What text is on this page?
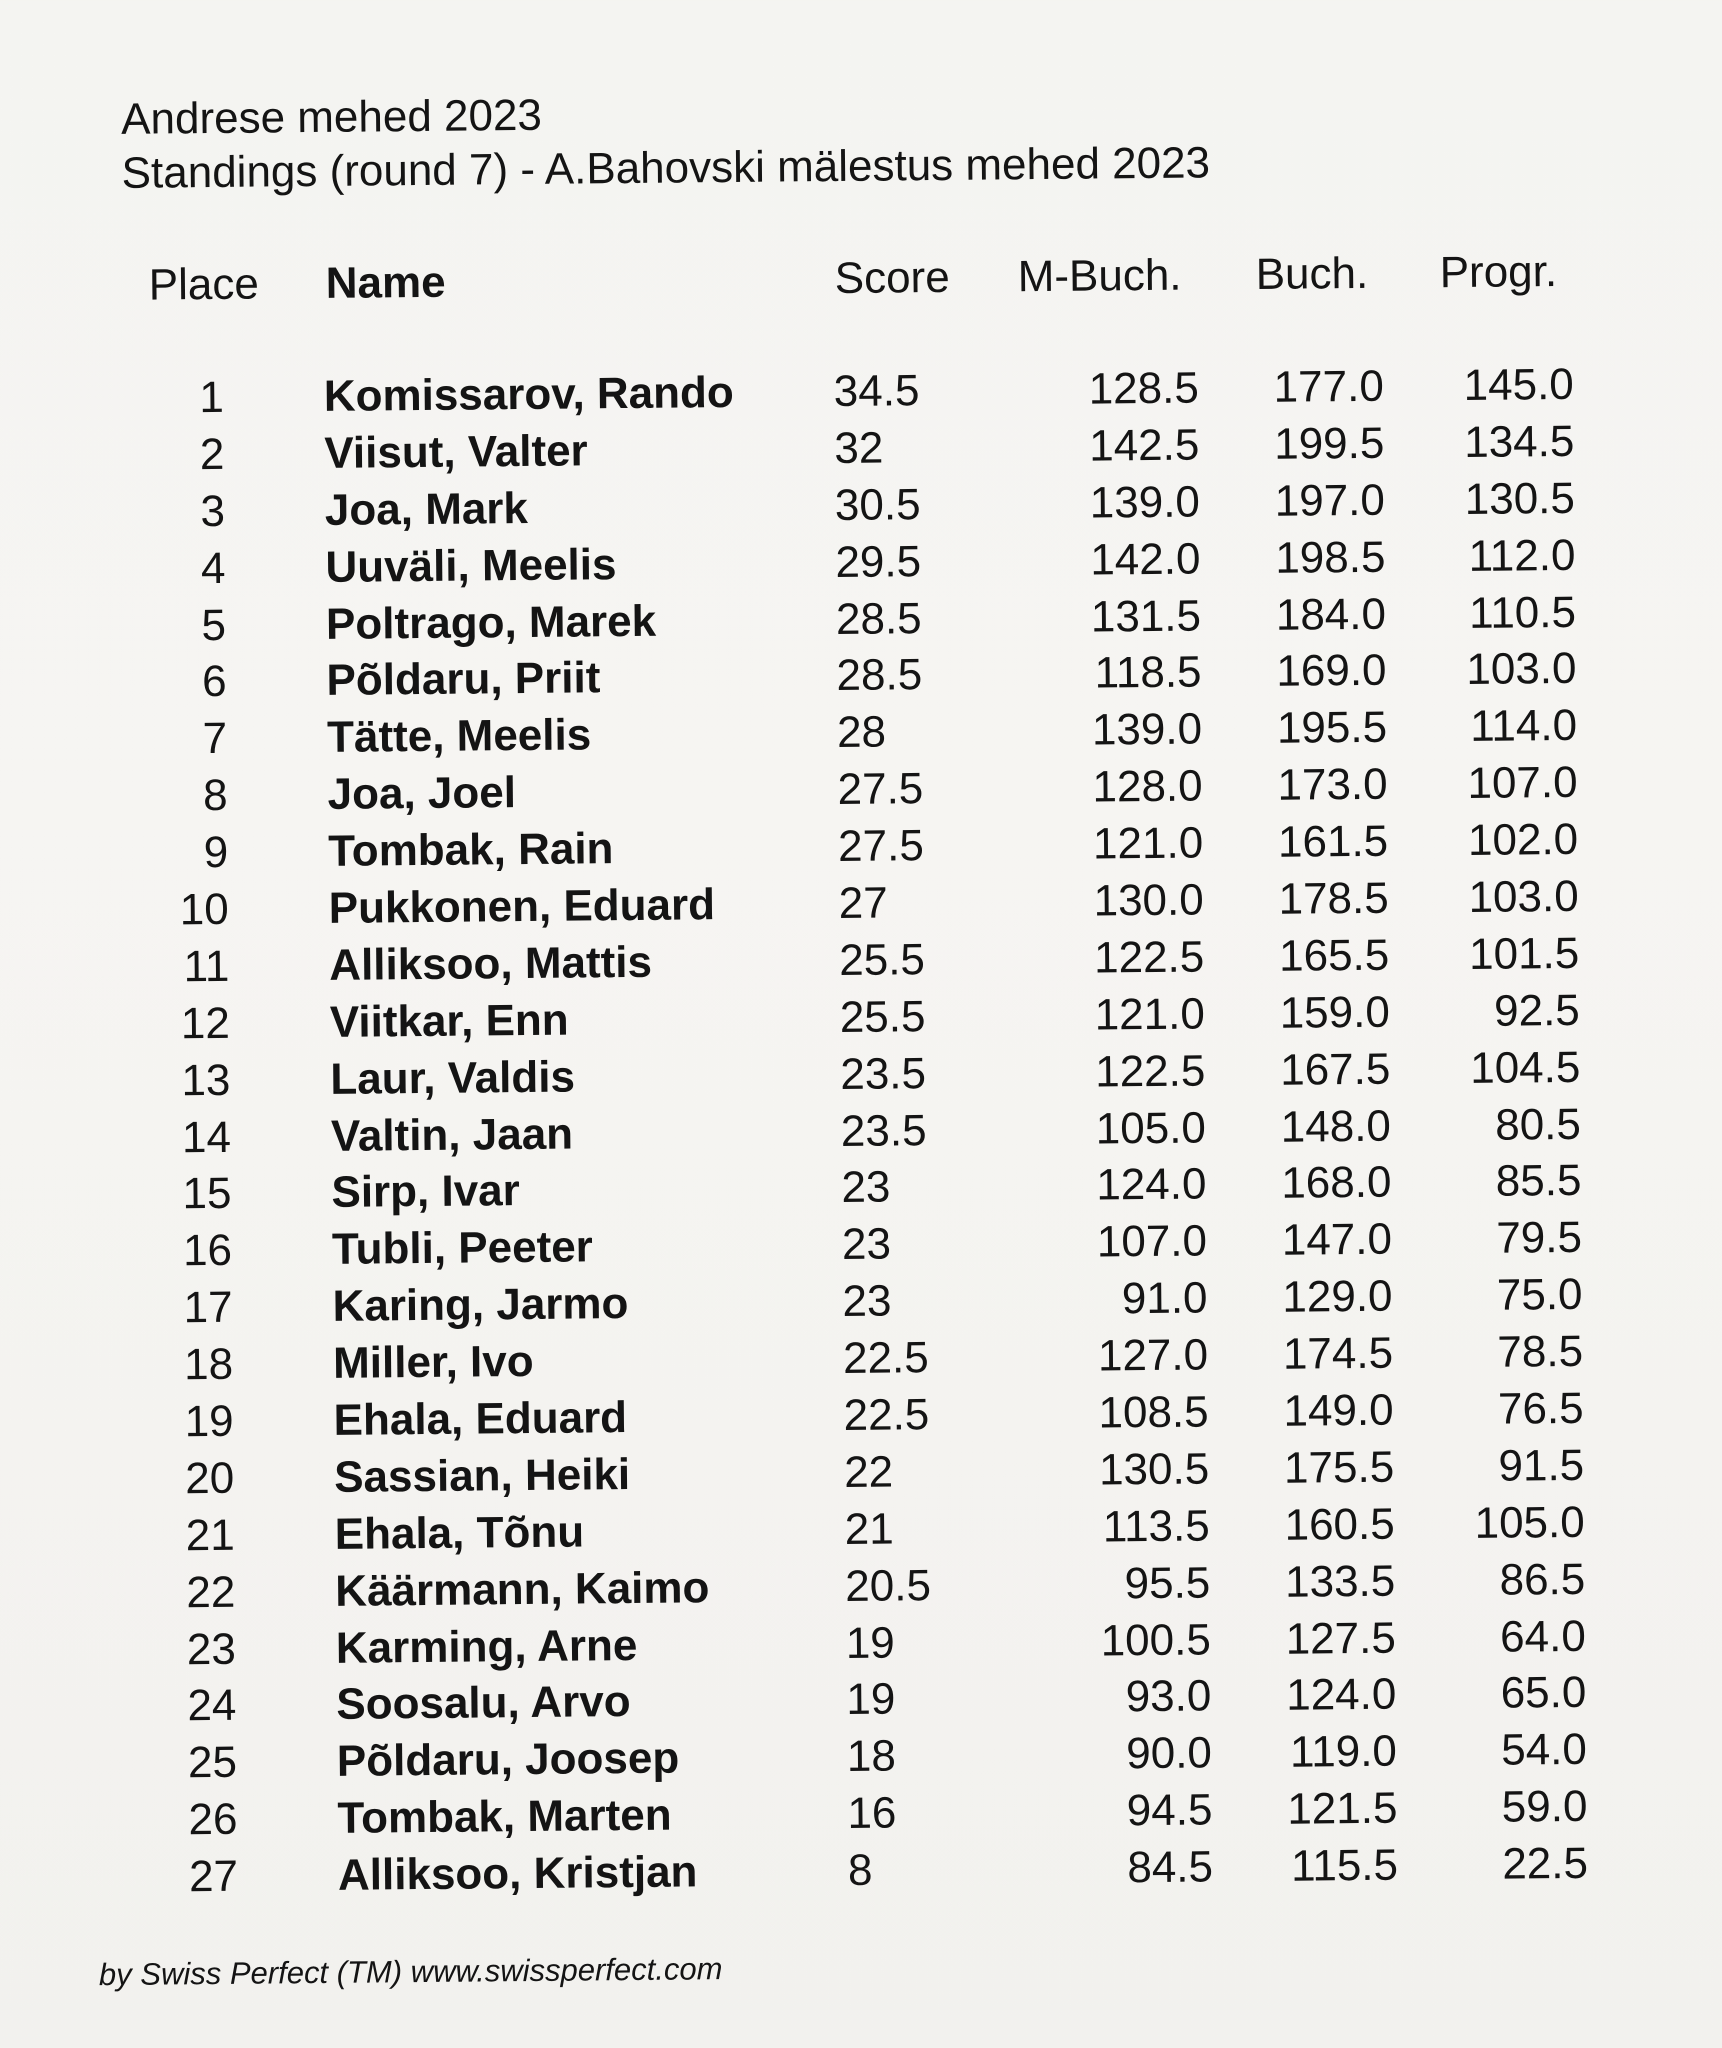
Andrese mehed 2023
Standings (round 7) - A.Bahovski mälestus mehed 2023
Place Name	Score M-Buch. Buch. Progr.
1 Komissarov, Rando 34.5	128.5	177.0	145.0
2 Viisut, Valter	32	142.5	199.5	134.5
3 Joa, Mark	30.5	139.0	197.0	130.5
4 Uuväli, Meelis	29.5	142.0	198.5	112.0
5 Poltrago, Marek	28.5	131.5	184.0	110.5
6 Põldaru, Priit	28.5	118.5	169.0	103.0
7 Tätte, Meelis	28	139.0	195.5	114.0
8 Joa, Joel	27.5	128.0	173.0	107.0
9 Tombak, Rain	27.5	121.0	161.5	102.0
10 Pukkonen, Eduard	27	130.0	178.5	103.0
11 Alliksoo, Mattis	25.5	122.5	165.5	101.5
12 Viitkar, Enn	25.5	121.0	159.0	92.5
13 Laur, Valdis	23.5	122.5	167.5	104.5
14 Valtin, Jaan	23.5	105.0	148.0	80.5
15 Sirp, Ivar	23	124.0	168.0	85.5
16 Tubli, Peeter	23	107.0	147.0	79.5
17 Karing, Jarmo	23	91.0	129.0	75.0
18 Miller, Ivo	22.5	127.0	174.5	78.5
19 Ehala, Eduard	22.5	108.5	149.0	76.5
20 Sassian, Heiki	22	130.5	175.5	91.5
21 Ehala, Tõnu	21	113.5	160.5	105.0
22 Käärmann, Kaimo	20.5	95.5	133.5	86.5
23 Karming, Arne	19	100.5	127.5	64.0
24 Soosalu, Arvo	19	93.0	124.0	65.0
25 Põldaru, Joosep	18	90.0	119.0	54.0
26 Tombak, Marten	16	94.5	121.5	59.0
27 Alliksoo, Kristjan	8	84.5	115.5	22.5
by Swiss Perfect (TM) www.swissperfect.com
